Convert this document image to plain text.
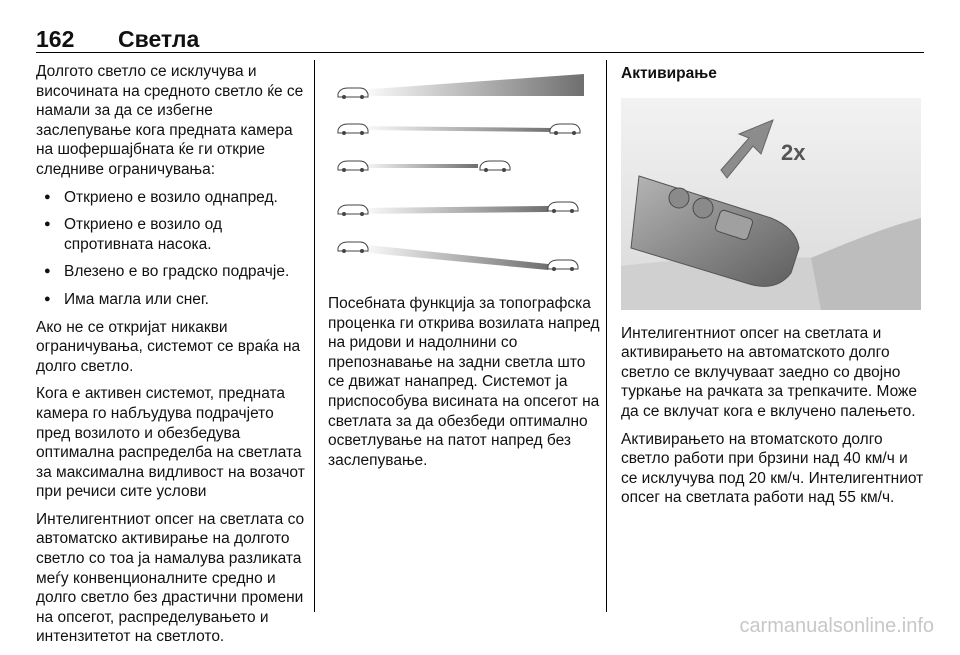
162 Светла

Долгото светло се исклучува и височината на средното светло ќе се намали за да се избегне заслепување кога предната камера на шофершајбната ќе ги открие следниве ограничувања:

● Откриено е возило однапред.
● Откриено е возило од спротивната насока.
● Влезено е во градско подрачје.
● Има магла или снег.

Ако не се откријат никакви ограничувања, системот се враќа на долго светло.

Кога е активен системот, предната камера го набљудува подрачјето пред возилото и обезбедува оптимална распределба на светлата за максимална видливост на возачот при речиси сите услови

Интелигентниот опсег на светлата со автоматско активирање на долгото светло со тоа ја намалува разликата меѓу конвенционалните средно и долго светло без драстични промени на опсегот, распределувањето и интензитетот на светлото.

Посебната функција за топографска проценка ги открива возилата напред на ридови и надолнини со препознавање на задни светла што се движат нанапред. Системот ја приспособува висината на опсегот на светлата за да обезбеди оптимално осветлување на патот напред без заслепување.

Активирање
2x

Интелигентниот опсег на светлата и активирањето на автоматското долго светло се вклучуваат заедно со двојно туркање на рачката за трепкачите. Може да се вклучат кога е вклучено палењето.

Активирањето на втоматското долго светло работи при брзини над 40 км/ч и се исклучува под 20 км/ч. Интелигентниот опсег на светлата работи над 55 км/ч.

carmanualsonline.info
